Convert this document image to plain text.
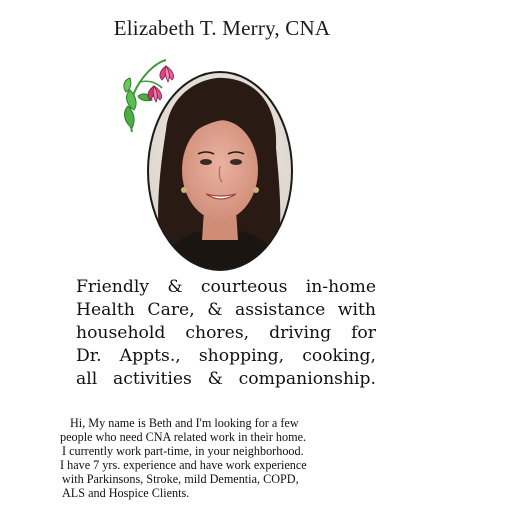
Elizabeth T. Merry, CNA
Friendly & courteous in-home
Health Care, & assistance with
household chores, driving for
Dr. Appts., shopping, cooking,
all activities & companionship.
Hi, My name is Beth and I'm looking for a few
people who need CNA related work in their home.
I currently work part-time, in your neighborhood.
I have 7 yrs. experience and have work experience
with Parkinsons, Stroke, mild Dementia, COPD,
ALS and Hospice Clients.
